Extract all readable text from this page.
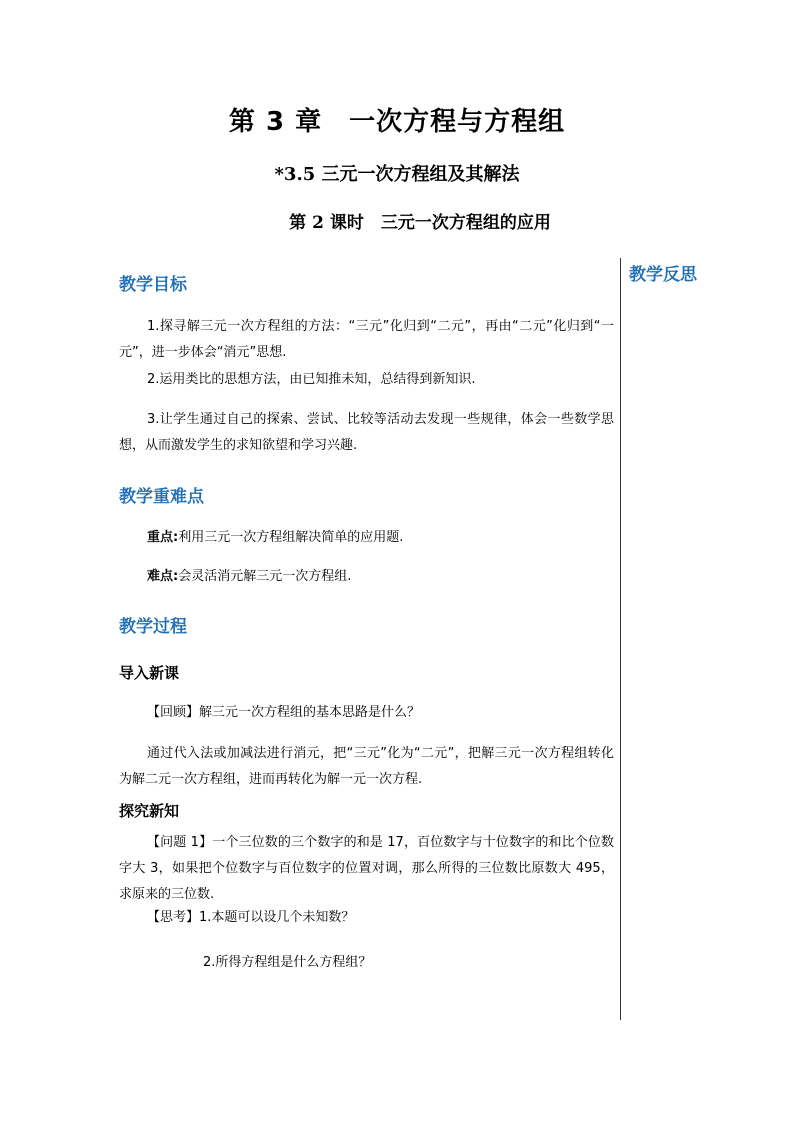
第 3 章　一次方程与方程组
*3.5 三元一次方程组及其解法
第 2 课时　三元一次方程组的应用
教学反思
教学目标
1.探寻解三元一次方程组的方法：“三元”化归到“二元”，再由“二元”化归到“一元”，进一步体会“消元”思想.
2.运用类比的思想方法，由已知推未知，总结得到新知识.
3.让学生通过自己的探索、尝试、比较等活动去发现一些规律，体会一些数学思想，从而激发学生的求知欲望和学习兴趣.
教学重难点
重点:利用三元一次方程组解决简单的应用题.
难点:会灵活消元解三元一次方程组.
教学过程
导入新课
【回顾】解三元一次方程组的基本思路是什么？
通过代入法或加减法进行消元，把“三元”化为“二元”，把解三元一次方程组转化为解二元一次方程组，进而再转化为解一元一次方程.
探究新知
【问题 1】一个三位数的三个数字的和是 17，百位数字与十位数字的和比个位数字大 3，如果把个位数字与百位数字的位置对调，那么所得的三位数比原数大 495，求原来的三位数.
【思考】1.本题可以设几个未知数？
2.所得方程组是什么方程组？
